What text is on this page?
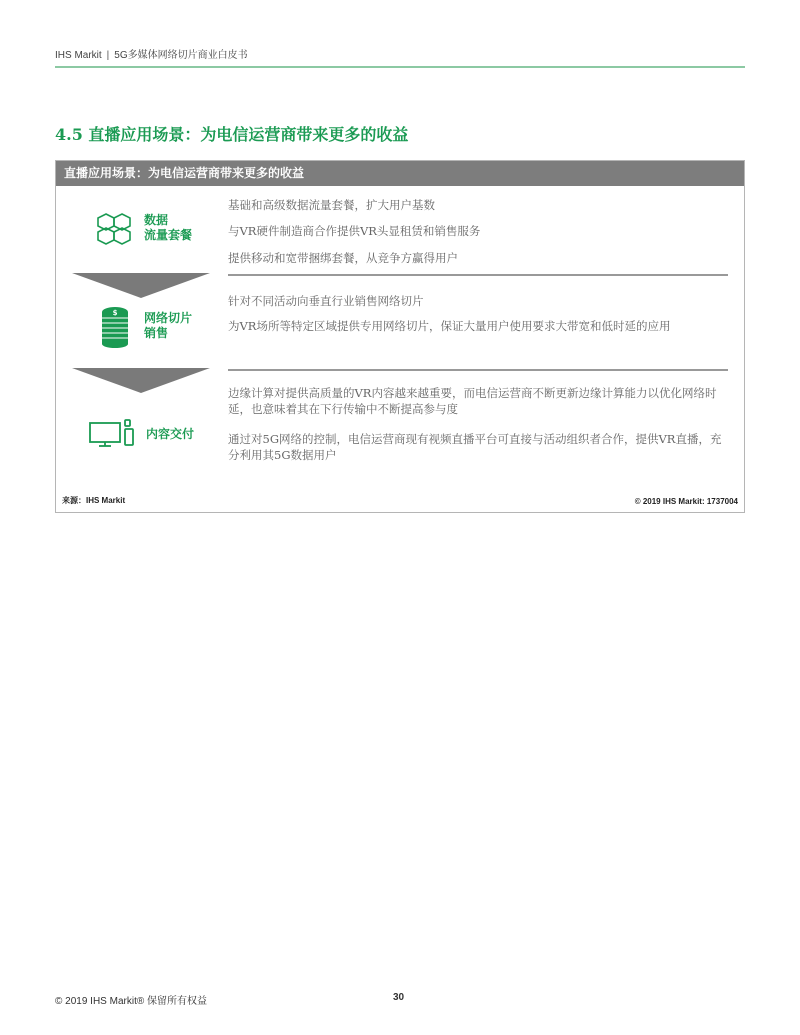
IHS Markit | 5G多媒体网络切片商业白皮书
4.5 直播应用场景：为电信运营商带来更多的收益
直播应用场景：为电信运营商带来更多的收益
数据
流量套餐
基础和高级数据流量套餐，扩大用户基数
与VR硬件制造商合作提供VR头显租赁和销售服务
提供移动和宽带捆绑套餐，从竞争方赢得用户
$ 网络切片
销售
针对不同活动向垂直行业销售网络切片
为VR场所等特定区域提供专用网络切片，保证大量用户使用要求大带宽和低时延的应用
内容交付
边缘计算对提供高质量的VR内容越来越重要，而电信运营商不断更新边缘计算能力以优化网络时延，也意味着其在下行传输中不断提高参与度
通过对5G网络的控制，电信运营商现有视频直播平台可直接与活动组织者合作，提供VR直播，充分利用其5G数据用户
来源：IHS Markit	© 2019 IHS Markit: 1737004
© 2019 IHS Markit® 保留所有权益	30
